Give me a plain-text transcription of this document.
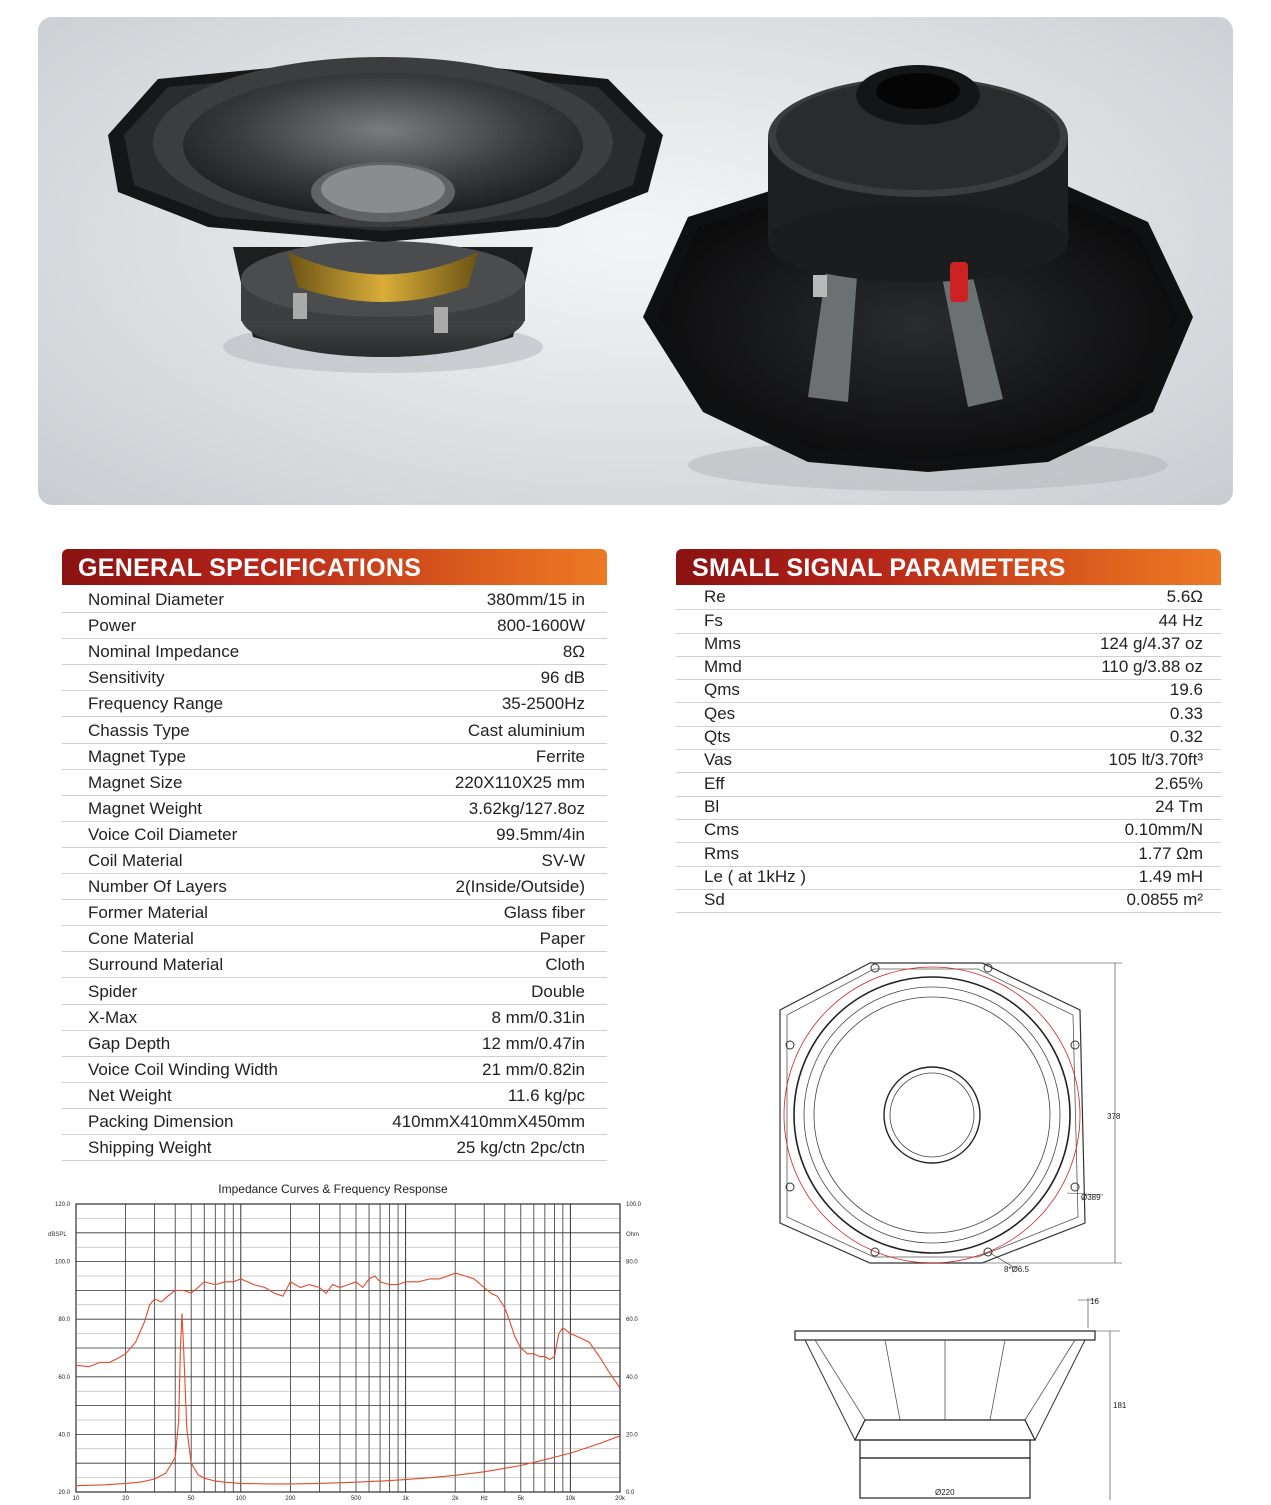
GENERAL SPECIFICATIONS
Nominal Diameter	380mm/15 in
Power	800-1600W
Nominal Impedance	8Ω
Sensitivity	96 dB
Frequency Range	35-2500Hz
Chassis Type	Cast aluminium
Magnet Type	Ferrite
Magnet Size	220X110X25 mm
Magnet Weight	3.62kg/127.8oz
Voice Coil Diameter	99.5mm/4in
Coil Material	SV-W
Number Of Layers	2(Inside/Outside)
Former Material	Glass fiber
Cone Material	Paper
Surround Material	Cloth
Spider	Double
X-Max	8 mm/0.31in
Gap Depth	12 mm/0.47in
Voice Coil Winding Width	21 mm/0.82in
Net Weight	11.6 kg/pc
Packing Dimension	410mmX410mmX450mm
Shipping Weight	25 kg/ctn 2pc/ctn
SMALL SIGNAL PARAMETERS
Re	5.6Ω
Fs	44 Hz
Mms	124 g/4.37 oz
Mmd	110 g/3.88 oz
Qms	19.6
Qes	0.33
Qts	0.32
Vas	105 lt/3.70ft³
Eff	2.65%
Bl	24 Tm
Cms	0.10mm/N
Rms	1.77 Ωm
Le ( at 1kHz )	1.49 mH
Sd	0.0855 m²
378
Ø389
8*Ø6.5
16
181
Ø220
Impedance Curves & Frequency Response
dBSPL	Ohm
10	20	50	100	200	500	1k	2k	5k	10k	20k
Hz
20.0
40.0
60.0
80.0
100.0
120.0
0.0
20.0
40.0
60.0
80.0
100.0
